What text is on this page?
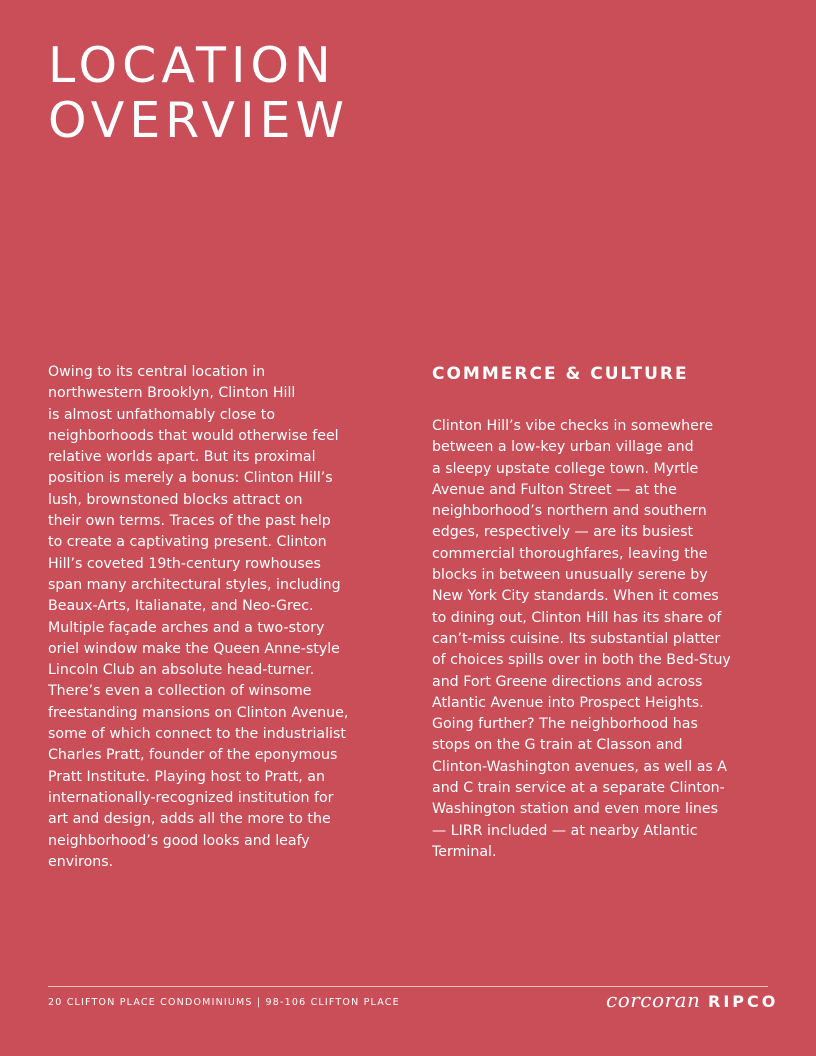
LOCATION
OVERVIEW

Owing to its central location in
northwestern Brooklyn, Clinton Hill
is almost unfathomably close to
neighborhoods that would otherwise feel
relative worlds apart. But its proximal
position is merely a bonus: Clinton Hill’s
lush, brownstoned blocks attract on
their own terms. Traces of the past help
to create a captivating present. Clinton
Hill’s coveted 19th-century rowhouses
span many architectural styles, including
Beaux-Arts, Italianate, and Neo-Grec.
Multiple façade arches and a two-story
oriel window make the Queen Anne-style
Lincoln Club an absolute head-turner.
There’s even a collection of winsome
freestanding mansions on Clinton Avenue,
some of which connect to the industrialist
Charles Pratt, founder of the eponymous
Pratt Institute. Playing host to Pratt, an
internationally-recognized institution for
art and design, adds all the more to the
neighborhood’s good looks and leafy
environs.

COMMERCE & CULTURE

Clinton Hill’s vibe checks in somewhere
between a low-key urban village and
a sleepy upstate college town. Myrtle
Avenue and Fulton Street — at the
neighborhood’s northern and southern
edges, respectively — are its busiest
commercial thoroughfares, leaving the
blocks in between unusually serene by
New York City standards. When it comes
to dining out, Clinton Hill has its share of
can’t-miss cuisine. Its substantial platter
of choices spills over in both the Bed-Stuy
and Fort Greene directions and across
Atlantic Avenue into Prospect Heights.
Going further? The neighborhood has
stops on the G train at Classon and
Clinton-Washington avenues, as well as A
and C train service at a separate Clinton-
Washington station and even more lines
— LIRR included — at nearby Atlantic
Terminal.

20 CLIFTON PLACE CONDOMINIUMS | 98-106 CLIFTON PLACE	corcoran RIPCO
